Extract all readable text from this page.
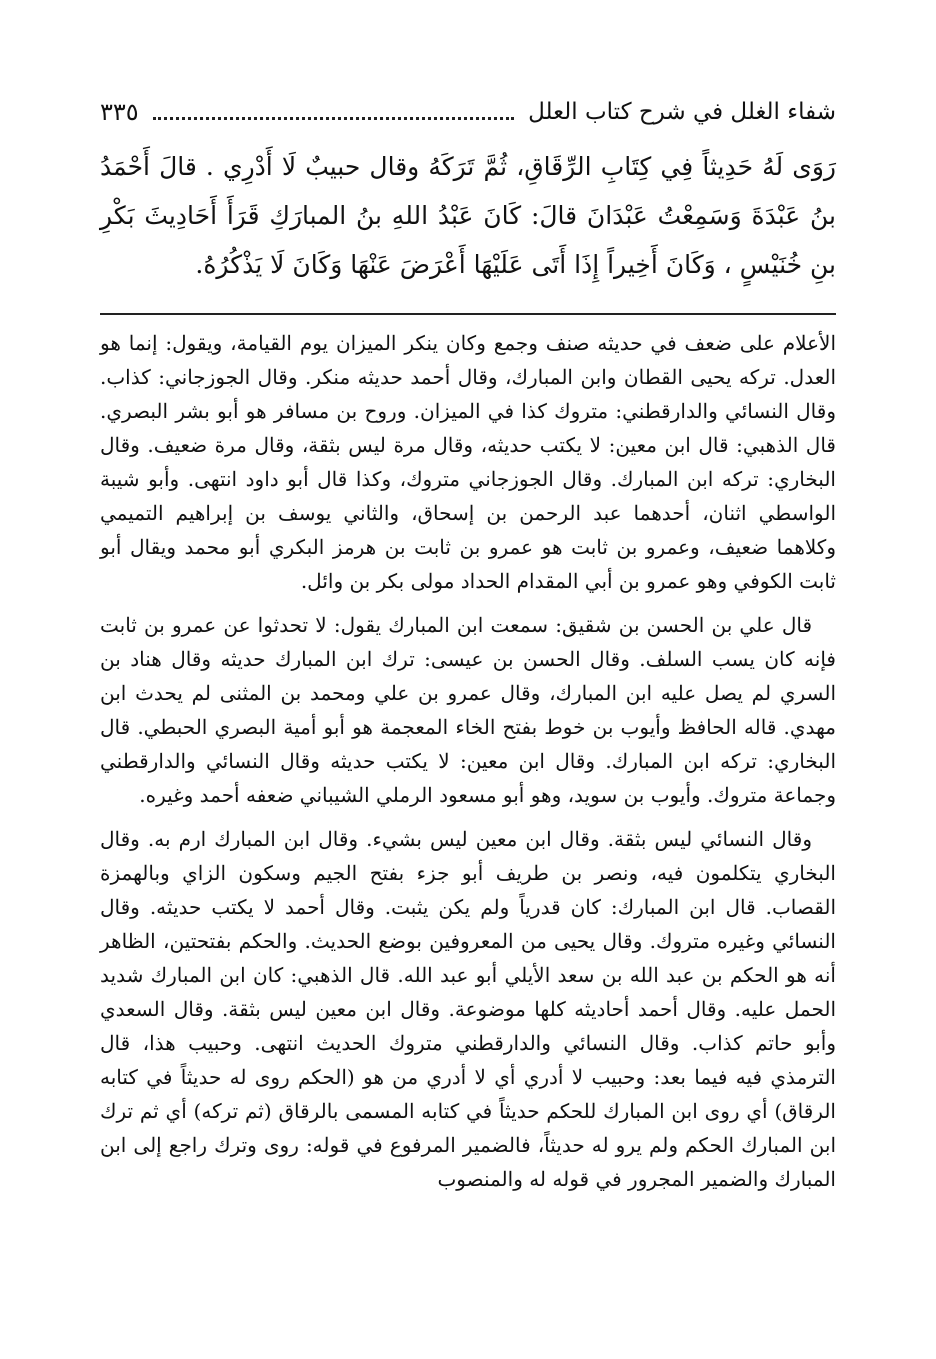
شفاء الغلل في شرح كتاب العلل
٣٣٥

رَوَى لَهُ حَدِيثاً فِي كِتَابِ الرِّقَاقِ، ثُمَّ تَرَكَهُ وقال حبيبٌ لَا أَدْرِي . قالَ أَحْمَدُ بنُ عَبْدَةَ وَسَمِعْتُ عَبْدَانَ قالَ: كَانَ عَبْدُ اللهِ بنُ المبارَكِ قَرَأَ أَحَادِيثَ بَكْرِ بنِ خُنَيْسٍ ، وَكَانَ أَخِيراً إِذَا أَتَى عَلَيْهَا أَعْرَضَ عَنْهَا وَكَانَ لَا يَذْكُرُهُ.

الأعلام على ضعف في حديثه صنف وجمع وكان ينكر الميزان يوم القيامة، ويقول: إنما هو العدل. تركه يحيى القطان وابن المبارك، وقال أحمد حديثه منكر. وقال الجوزجاني: كذاب. وقال النسائي والدارقطني: متروك كذا في الميزان. وروح بن مسافر هو أبو بشر البصري. قال الذهبي: قال ابن معين: لا يكتب حديثه، وقال مرة ليس بثقة، وقال مرة ضعيف. وقال البخاري: تركه ابن المبارك. وقال الجوزجاني متروك، وكذا قال أبو داود انتهى. وأبو شيبة الواسطي اثنان، أحدهما عبد الرحمن بن إسحاق، والثاني يوسف بن إبراهيم التميمي وكلاهما ضعيف، وعمرو بن ثابت هو عمرو بن ثابت بن هرمز البكري أبو محمد ويقال أبو ثابت الكوفي وهو عمرو بن أبي المقدام الحداد مولى بكر بن وائل.

قال علي بن الحسن بن شقيق: سمعت ابن المبارك يقول: لا تحدثوا عن عمرو بن ثابت فإنه كان يسب السلف. وقال الحسن بن عيسى: ترك ابن المبارك حديثه وقال هناد بن السري لم يصل عليه ابن المبارك، وقال عمرو بن علي ومحمد بن المثنى لم يحدث ابن مهدي. قاله الحافظ وأيوب بن خوط بفتح الخاء المعجمة هو أبو أمية البصري الحبطي. قال البخاري: تركه ابن المبارك. وقال ابن معين: لا يكتب حديثه وقال النسائي والدارقطني وجماعة متروك. وأيوب بن سويد، وهو أبو مسعود الرملي الشيباني ضعفه أحمد وغيره.

وقال النسائي ليس بثقة. وقال ابن معين ليس بشيء. وقال ابن المبارك ارم به. وقال البخاري يتكلمون فيه، ونصر بن طريف أبو جزء بفتح الجيم وسكون الزاي وبالهمزة القصاب. قال ابن المبارك: كان قدرياً ولم يكن يثبت. وقال أحمد لا يكتب حديثه. وقال النسائي وغيره متروك. وقال يحيى من المعروفين بوضع الحديث. والحكم بفتحتين، الظاهر أنه هو الحكم بن عبد الله بن سعد الأيلي أبو عبد الله. قال الذهبي: كان ابن المبارك شديد الحمل عليه. وقال أحمد أحاديثه كلها موضوعة. وقال ابن معين ليس بثقة. وقال السعدي وأبو حاتم كذاب. وقال النسائي والدارقطني متروك الحديث انتهى. وحبيب هذا، قال الترمذي فيه فيما بعد: وحبيب لا أدري أي لا أدري من هو (الحكم روى له حديثاً في كتابه الرقاق) أي روى ابن المبارك للحكم حديثاً في كتابه المسمى بالرقاق (ثم تركه) أي ثم ترك ابن المبارك الحكم ولم يرو له حديثاً، فالضمير المرفوع في قوله: روى وترك راجع إلى ابن المبارك والضمير المجرور في قوله له والمنصوب
